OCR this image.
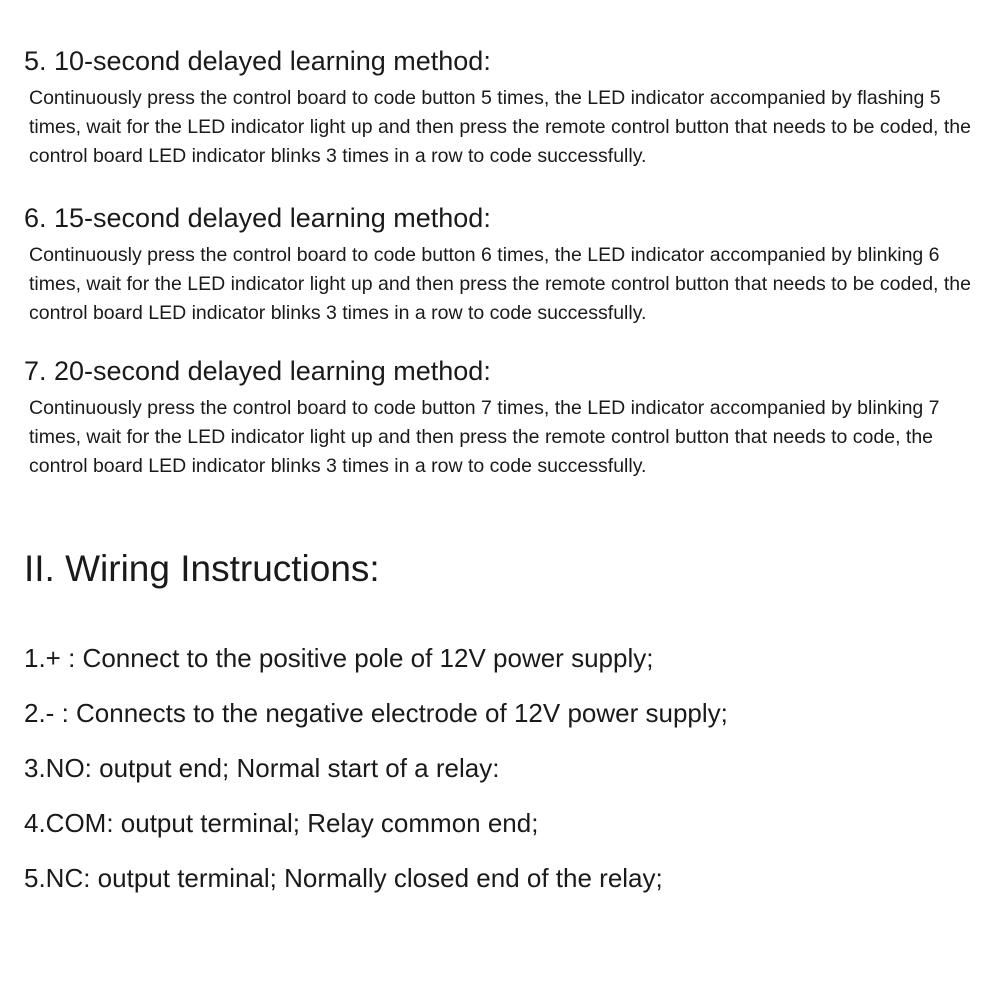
5. 10-second delayed learning method:

Continuously press the control board to code button 5 times, the LED indicator accompanied by flashing 5 times, wait for the LED indicator light up and then press the remote control button that needs to be coded, the control board LED indicator blinks 3 times in a row to code successfully.

6. 15-second delayed learning method:

Continuously press the control board to code button 6 times, the LED indicator accompanied by blinking 6 times, wait for the LED indicator light up and then press the remote control button that needs to be coded, the control board LED indicator blinks 3 times in a row to code successfully.

7. 20-second delayed learning method:

Continuously press the control board to code button 7 times, the LED indicator accompanied by blinking 7 times, wait for the LED indicator light up and then press the remote control button that needs to code, the control board LED indicator blinks 3 times in a row to code successfully.

II. Wiring Instructions:

1.+ : Connect to the positive pole of 12V power supply;

2.- : Connects to the negative electrode of 12V power supply;

3.NO: output end; Normal start of a relay:

4.COM: output terminal; Relay common end;

5.NC: output terminal; Normally closed end of the relay;
